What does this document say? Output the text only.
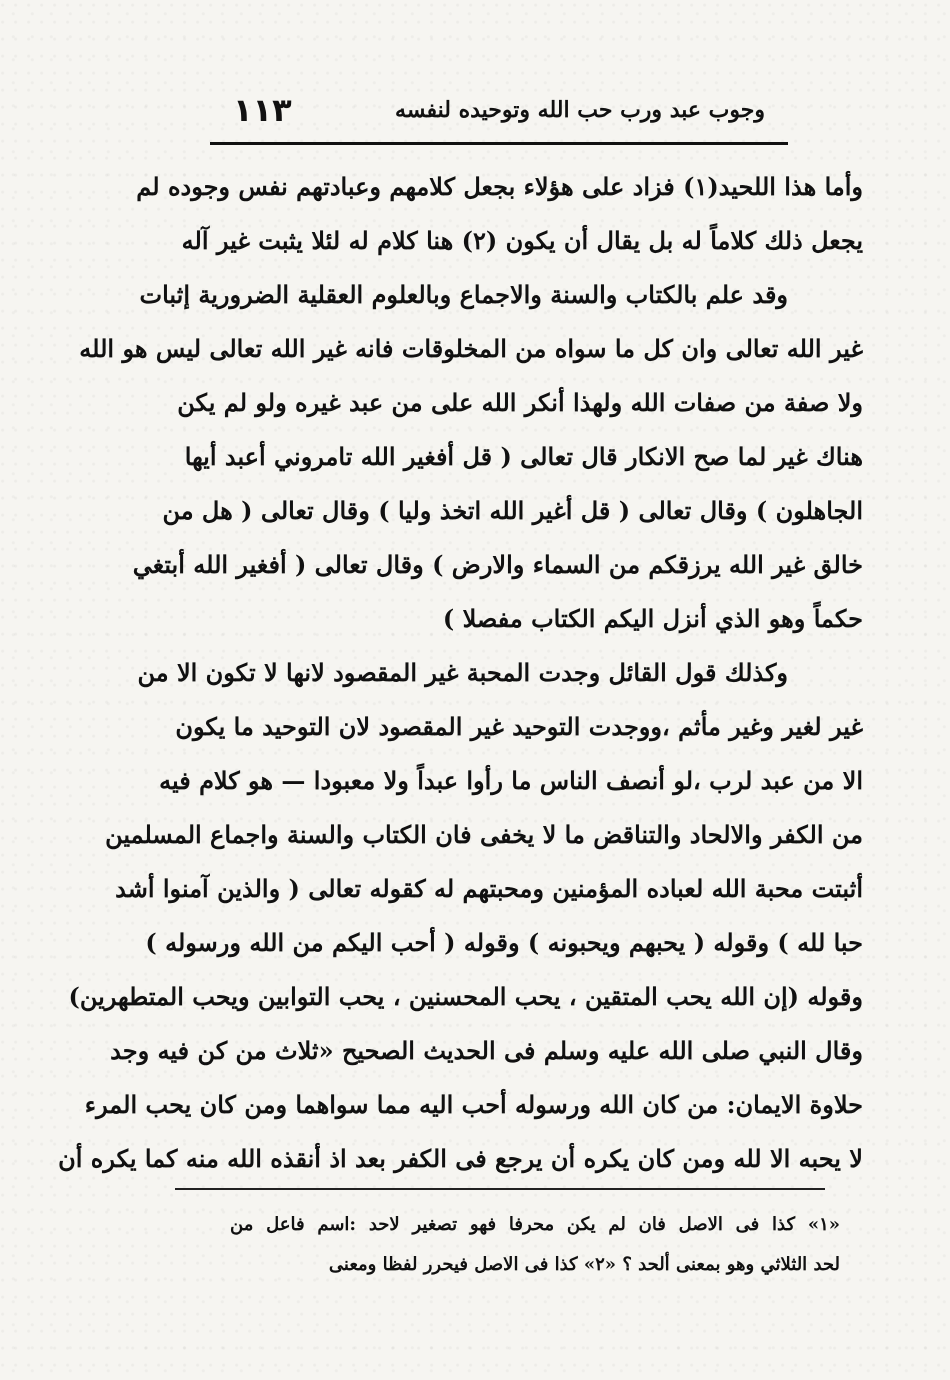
وجوب عبد ورب حب الله وتوحيده لنفسه
١١٣
وأما هذا اللحيد(١) فزاد على هؤلاء بجعل كلامهم وعبادتهم نفس وجوده لم
يجعل ذلك كلاماً له بل يقال أن يكون (٢) هنا كلام له لئلا يثبت غير آله
وقد علم بالكتاب والسنة والاجماع وبالعلوم العقلية الضرورية إثبات
غير الله تعالى وان كل ما سواه من المخلوقات فانه غير الله تعالى ليس هو الله
ولا صفة من صفات الله ولهذا أنكر الله على من عبد غيره ولو لم يكن
هناك غير لما صح الانكار قال تعالى ( قل أفغير الله تامروني أعبد أيها
الجاهلون ) وقال تعالى ( قل أغير الله اتخذ وليا ) وقال تعالى ( هل من
خالق غير الله يرزقكم من السماء والارض ) وقال تعالى ( أفغير الله أبتغي
حكماً وهو الذي أنزل اليكم الكتاب مفصلا )
وكذلك قول القائل وجدت المحبة غير المقصود لانها لا تكون الا من
غير لغير وغير مأثم ،ووجدت التوحيد غير المقصود لان التوحيد ما يكون
الا من عبد لرب ،لو أنصف الناس ما رأوا عبداً ولا معبودا — هو كلام فيه
من الكفر والالحاد والتناقض ما لا يخفى فان الكتاب والسنة واجماع المسلمين
أثبتت محبة الله لعباده المؤمنين ومحبتهم له كقوله تعالى ( والذين آمنوا أشد
حبا لله ) وقوله ( يحبهم ويحبونه ) وقوله ( أحب اليكم من الله ورسوله )
وقوله (إن الله يحب المتقين ، يحب المحسنين ، يحب التوابين ويحب المتطهرين)
وقال النبي صلى الله عليه وسلم فى الحديث الصحيح «ثلاث من كن فيه وجد
حلاوة الايمان: من كان الله ورسوله أحب اليه مما سواهما ومن كان يحب المرء
لا يحبه الا لله ومن كان يكره أن يرجع فى الكفر بعد اذ أنقذه الله منه كما يكره أن
«١» كذا فى الاصل فان لم يكن محرفا فهو تصغير لاحد :اسم فاعل من
لحد الثلاثي وهو بمعنى ألحد ؟ «٢» كذا فى الاصل فيحرر لفظا ومعنى
